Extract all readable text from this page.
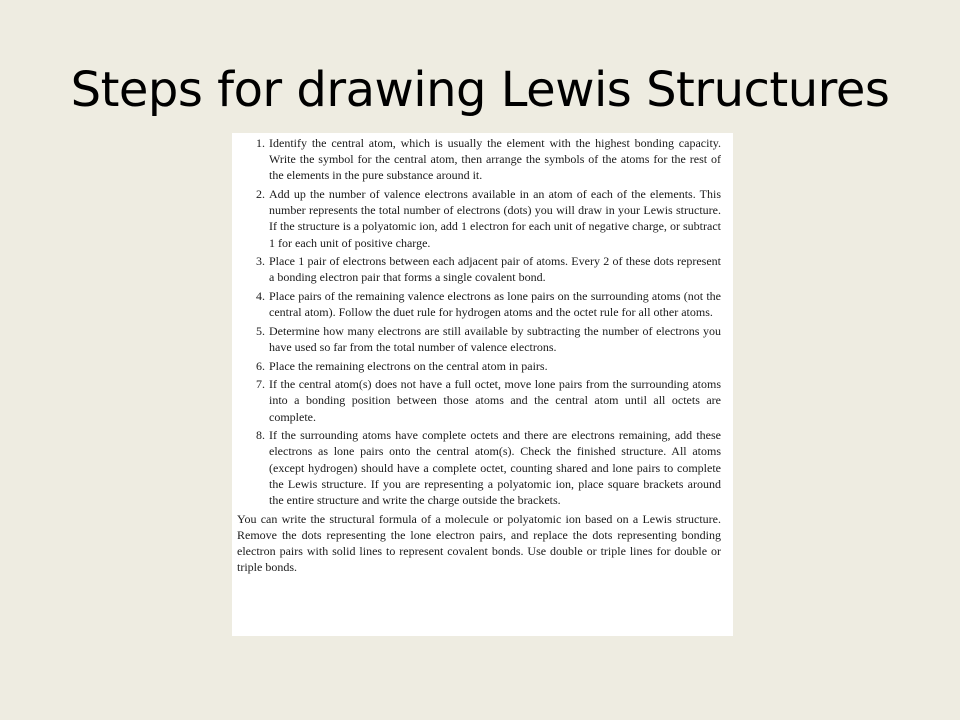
Steps for drawing Lewis Structures
1. Identify the central atom, which is usually the element with the highest bonding capacity. Write the symbol for the central atom, then arrange the symbols of the atoms for the rest of the elements in the pure substance around it.
2. Add up the number of valence electrons available in an atom of each of the elements. This number represents the total number of electrons (dots) you will draw in your Lewis structure. If the structure is a polyatomic ion, add 1 electron for each unit of negative charge, or subtract 1 for each unit of positive charge.
3. Place 1 pair of electrons between each adjacent pair of atoms. Every 2 of these dots represent a bonding electron pair that forms a single covalent bond.
4. Place pairs of the remaining valence electrons as lone pairs on the surrounding atoms (not the central atom). Follow the duet rule for hydrogen atoms and the octet rule for all other atoms.
5. Determine how many electrons are still available by subtracting the number of electrons you have used so far from the total number of valence electrons.
6. Place the remaining electrons on the central atom in pairs.
7. If the central atom(s) does not have a full octet, move lone pairs from the surrounding atoms into a bonding position between those atoms and the central atom until all octets are complete.
8. If the surrounding atoms have complete octets and there are electrons remaining, add these electrons as lone pairs onto the central atom(s). Check the finished structure. All atoms (except hydrogen) should have a complete octet, counting shared and lone pairs to complete the Lewis structure. If you are representing a polyatomic ion, place square brackets around the entire structure and write the charge outside the brackets.

You can write the structural formula of a molecule or polyatomic ion based on a Lewis structure. Remove the dots representing the lone electron pairs, and replace the dots representing bonding electron pairs with solid lines to represent covalent bonds. Use double or triple lines for double or triple bonds.
